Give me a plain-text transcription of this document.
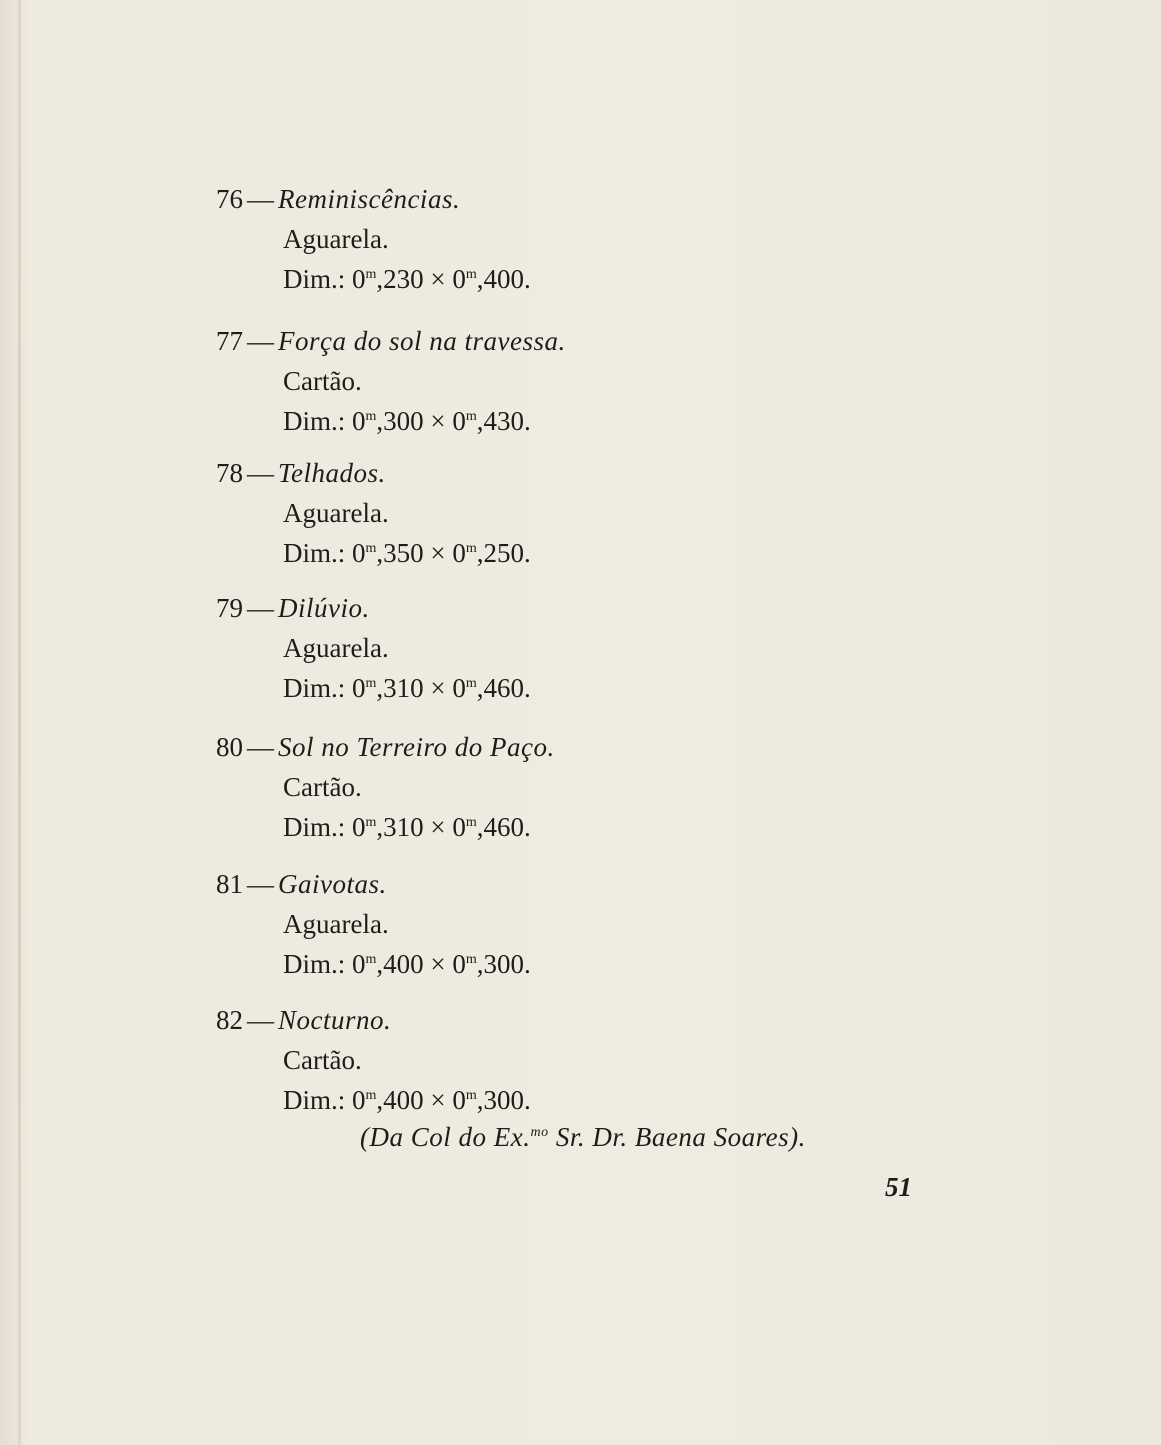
76 — Reminiscências.
Aguarela.
Dim.: $0^m,230 \times 0^m,400$.
77 — Força do sol na travessa.
Cartão.
Dim.: $0^m,300 \times 0^m,430$.
78 — Telhados.
Aguarela.
Dim.: $0^m,350 \times 0^m,250$.
79 — Dilúvio.
Aguarela.
Dim.: $0^m,310 \times 0^m,460$.
80 — Sol no Terreiro do Paço.
Cartão.
Dim.: $0^m,310 \times 0^m,460$.
81 — Gaivotas.
Aguarela.
Dim.: $0^m,400 \times 0^m,300$.
82 — Nocturno.
Cartão.
Dim.: $0^m,400 \times 0^m,300$.
(Da Col do Ex.$^{mo}$ Sr. Dr. Baena Soares).
51
